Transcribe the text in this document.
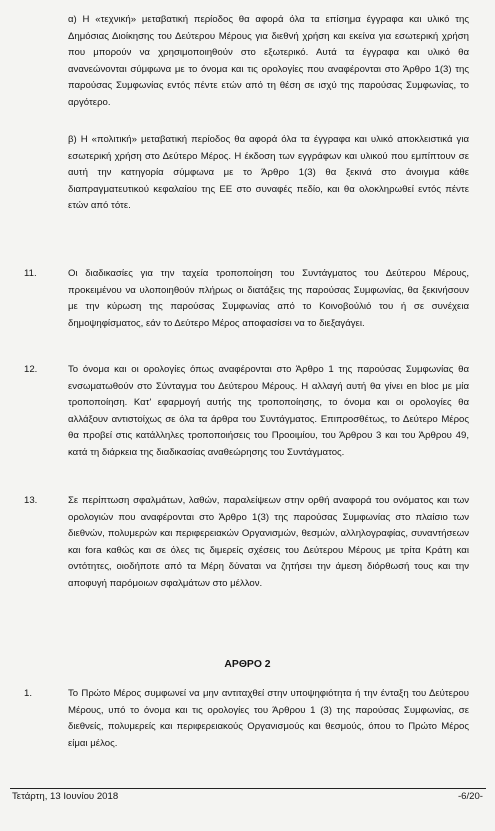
α) Η «τεχνική» μεταβατική περίοδος θα αφορά όλα τα επίσημα έγγραφα και υλικό της Δημόσιας Διοίκησης του Δεύτερου Μέρους για διεθνή χρήση και εκείνα για εσωτερική χρήση που μπορούν να χρησιμοποιηθούν στο εξωτερικό. Αυτά τα έγγραφα και υλικό θα ανανεώνονται σύμφωνα με το όνομα και τις ορολογίες που αναφέρονται στο Άρθρο 1(3) της παρούσας Συμφωνίας εντός πέντε ετών από τη θέση σε ισχύ της παρούσας Συμφωνίας, το αργότερο.

β) Η «πολιτική» μεταβατική περίοδος θα αφορά όλα τα έγγραφα και υλικό αποκλειστικά για εσωτερική χρήση στο Δεύτερο Μέρος. Η έκδοση των εγγράφων και υλικού που εμπίπτουν σε αυτή την κατηγορία σύμφωνα με το Άρθρο 1(3) θα ξεκινά στο άνοιγμα κάθε διαπραγματευτικού κεφαλαίου της ΕΕ στο συναφές πεδίο, και θα ολοκληρωθεί εντός πέντε ετών από τότε.

11.	Οι διαδικασίες για την ταχεία τροποποίηση του Συντάγματος του Δεύτερου Μέρους, προκειμένου να υλοποιηθούν πλήρως οι διατάξεις της παρούσας Συμφωνίας, θα ξεκινήσουν με την κύρωση της παρούσας Συμφωνίας από το Κοινοβούλιό του ή σε συνέχεια δημοψηφίσματος, εάν το Δεύτερο Μέρος αποφασίσει να το διεξαγάγει.

12.	Το όνομα και οι ορολογίες όπως αναφέρονται στο Άρθρο 1 της παρούσας Συμφωνίας θα ενσωματωθούν στο Σύνταγμα του Δεύτερου Μέρους. Η αλλαγή αυτή θα γίνει en bloc με μία τροποποίηση. Κατ' εφαρμογή αυτής της τροποποίησης, το όνομα και οι ορολογίες θα αλλάξουν αντιστοίχως σε όλα τα άρθρα του Συντάγματος. Επιπροσθέτως, το Δεύτερο Μέρος θα προβεί στις κατάλληλες τροποποιήσεις του Προοιμίου, του Άρθρου 3 και του Άρθρου 49, κατά τη διάρκεια της διαδικασίας αναθεώρησης του Συντάγματος.

13.	Σε περίπτωση σφαλμάτων, λαθών, παραλείψεων στην ορθή αναφορά του ονόματος και των ορολογιών που αναφέρονται στο Άρθρο 1(3) της παρούσας Συμφωνίας στο πλαίσιο των διεθνών, πολυμερών και περιφερειακών Οργανισμών, θεσμών, αλληλογραφίας, συναντήσεων και fora καθώς και σε όλες τις διμερείς σχέσεις του Δεύτερου Μέρους με τρίτα Κράτη και οντότητες, οιοδήποτε από τα Μέρη δύναται να ζητήσει την άμεση διόρθωσή τους και την αποφυγή παρόμοιων σφαλμάτων στο μέλλον.

ΑΡΘΡΟ 2
1.	Το Πρώτο Μέρος συμφωνεί να μην αντιταχθεί στην υποψηφιότητα ή την ένταξη του Δεύτερου Μέρους, υπό το όνομα και τις ορολογίες του Άρθρου 1 (3) της παρούσας Συμφωνίας, σε διεθνείς, πολυμερείς και περιφερειακούς Οργανισμούς και θεσμούς, όπου το Πρώτο Μέρος είμαι μέλος.

Τετάρτη, 13 Ιουνίου 2018	-6/20-
